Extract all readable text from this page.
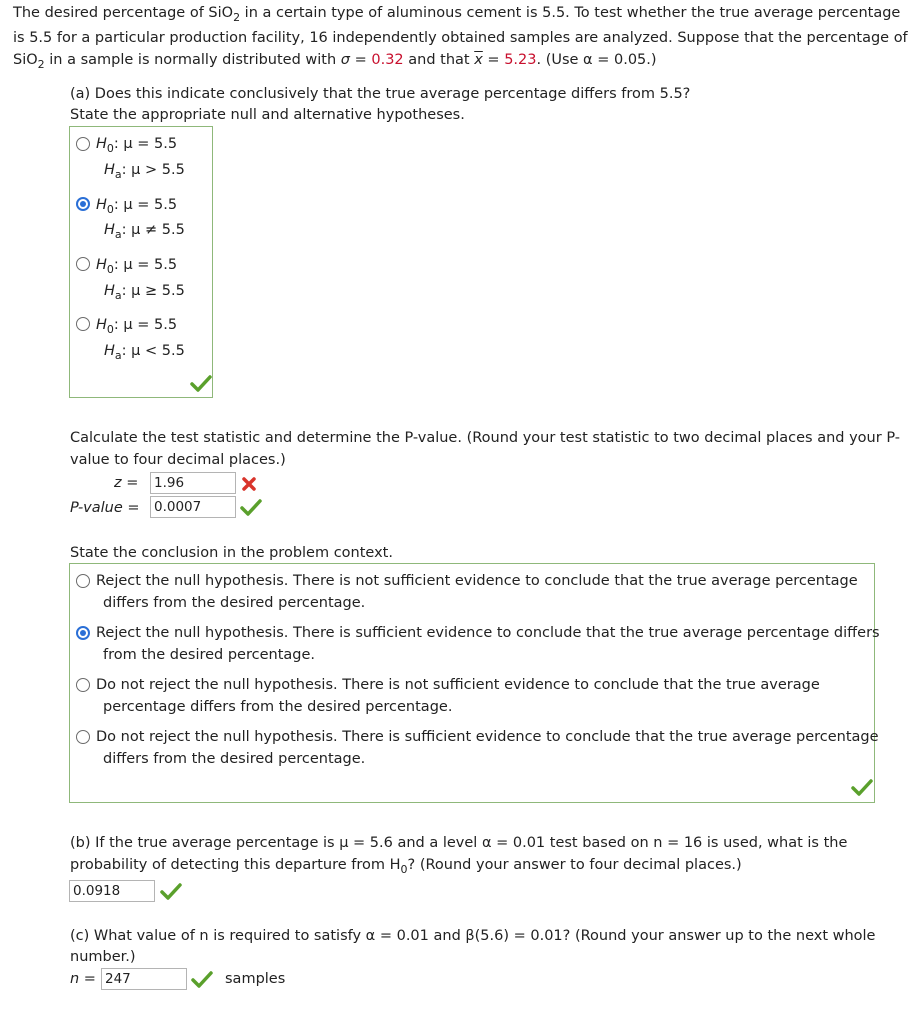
The desired percentage of SiO$_2$ in a certain type of aluminous cement is 5.5. To test whether the true average percentage
is 5.5 for a particular production facility, 16 independently obtained samples are analyzed. Suppose that the percentage of
SiO$_2$ in a sample is normally distributed with σ = 0.32 and that $\overline{x} = 5.23$. (Use α = 0.05.)
(a) Does this indicate conclusively that the true average percentage differs from 5.5?
State the appropriate null and alternative hypotheses.
$H_0$: μ = 5.5
$H_a$: μ > 5.5
$H_0$: μ = 5.5
$H_a$: μ ≠ 5.5
$H_0$: μ = 5.5
$H_a$: μ ≥ 5.5
$H_0$: μ = 5.5
$H_a$: μ < 5.5
Calculate the test statistic and determine the P-value. (Round your test statistic to two decimal places and your P-
value to four decimal places.)
z = 1.96
P-value = 0.0007
State the conclusion in the problem context.
Reject the null hypothesis. There is not sufficient evidence to conclude that the true average percentage
differs from the desired percentage.
Reject the null hypothesis. There is sufficient evidence to conclude that the true average percentage differs
from the desired percentage.
Do not reject the null hypothesis. There is not sufficient evidence to conclude that the true average
percentage differs from the desired percentage.
Do not reject the null hypothesis. There is sufficient evidence to conclude that the true average percentage
differs from the desired percentage.
(b) If the true average percentage is μ = 5.6 and a level α = 0.01 test based on n = 16 is used, what is the
probability of detecting this departure from $H_0$? (Round your answer to four decimal places.)
0.0918
(c) What value of n is required to satisfy α = 0.01 and β(5.6) = 0.01? (Round your answer up to the next whole
number.)
n = 247	samples
